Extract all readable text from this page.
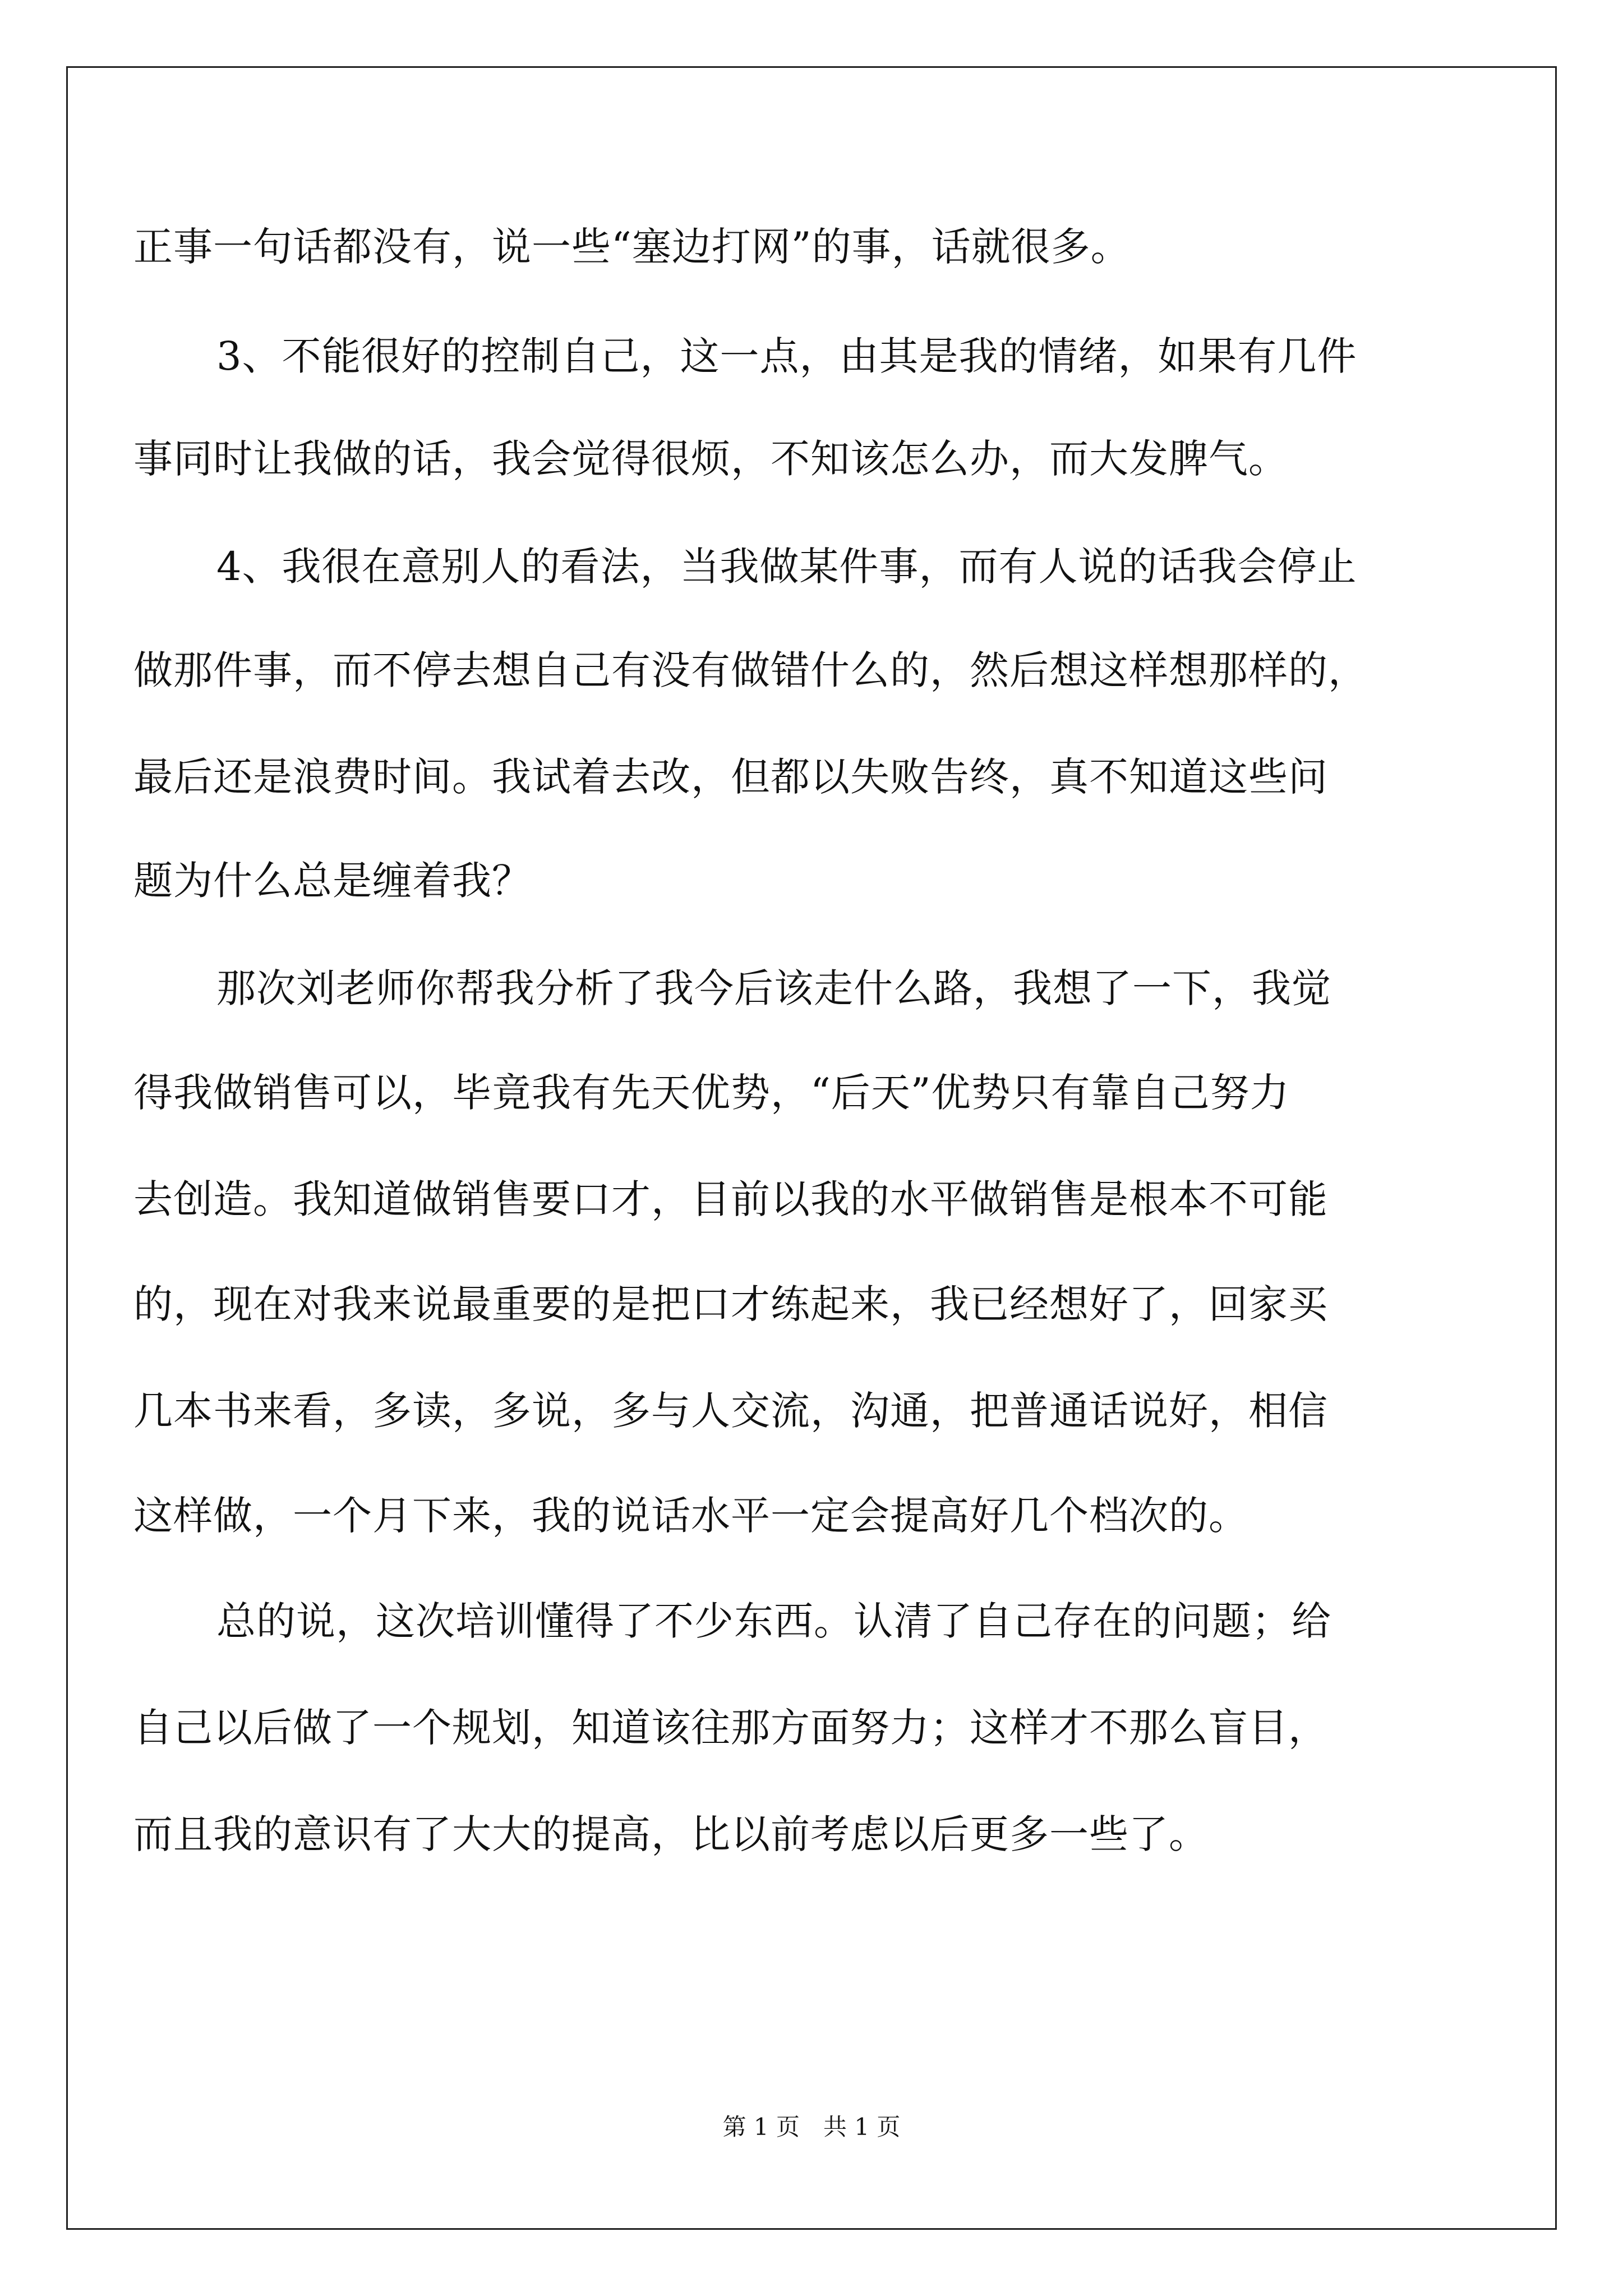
正事一句话都没有，说一些“塞边打网”的事，话就很多。
3、不能很好的控制自己，这一点，由其是我的情绪，如果有几件
事同时让我做的话，我会觉得很烦，不知该怎么办，而大发脾气。
4、我很在意别人的看法，当我做某件事，而有人说的话我会停止
做那件事，而不停去想自己有没有做错什么的，然后想这样想那样的，
最后还是浪费时间。我试着去改，但都以失败告终，真不知道这些问
题为什么总是缠着我？
那次刘老师你帮我分析了我今后该走什么路，我想了一下，我觉
得我做销售可以，毕竟我有先天优势，“后天”优势只有靠自己努力
去创造。我知道做销售要口才，目前以我的水平做销售是根本不可能
的，现在对我来说最重要的是把口才练起来，我已经想好了，回家买
几本书来看，多读，多说，多与人交流，沟通，把普通话说好，相信
这样做，一个月下来，我的说话水平一定会提高好几个档次的。
总的说，这次培训懂得了不少东西。认清了自己存在的问题；给
自己以后做了一个规划，知道该往那方面努力；这样才不那么盲目，
而且我的意识有了大大的提高，比以前考虑以后更多一些了。
第 1 页　共 1 页
